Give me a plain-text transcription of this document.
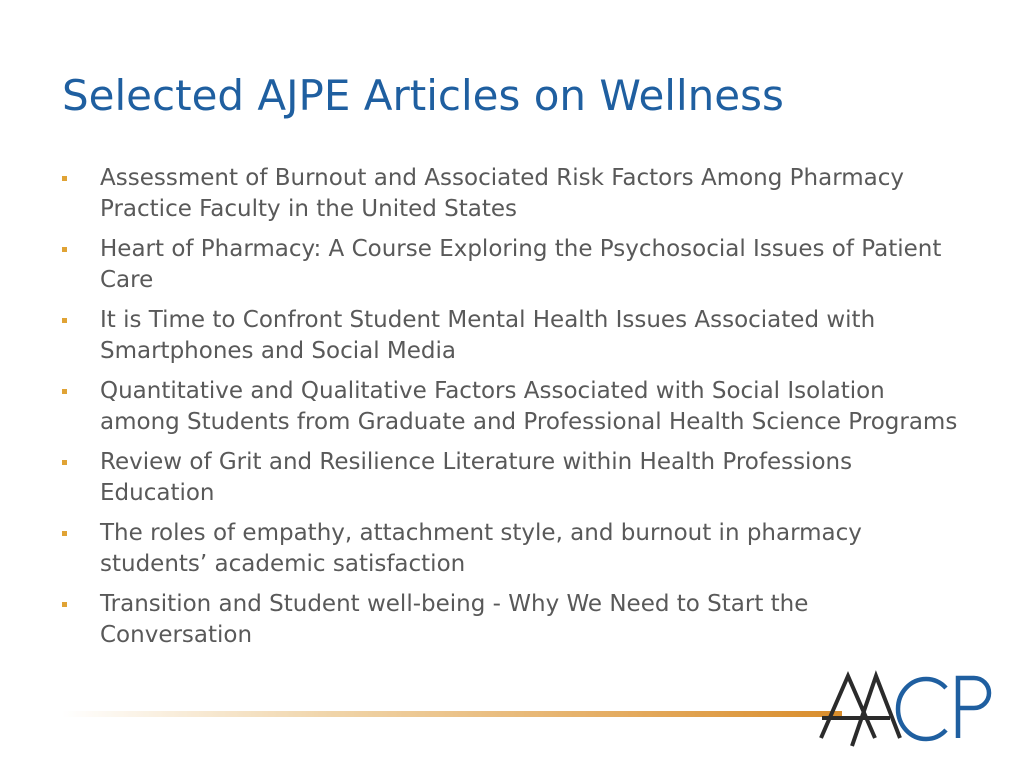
Selected AJPE Articles on Wellness
Assessment of Burnout and Associated Risk Factors Among Pharmacy Practice Faculty in the United States
Heart of Pharmacy: A Course Exploring the Psychosocial Issues of Patient Care
It is Time to Confront Student Mental Health Issues Associated with Smartphones and Social Media
Quantitative and Qualitative Factors Associated with Social Isolation among Students from Graduate and Professional Health Science Programs
Review of Grit and Resilience Literature within Health Professions Education
The roles of empathy, attachment style, and burnout in pharmacy students’ academic satisfaction
Transition and Student well-being - Why We Need to Start the Conversation
